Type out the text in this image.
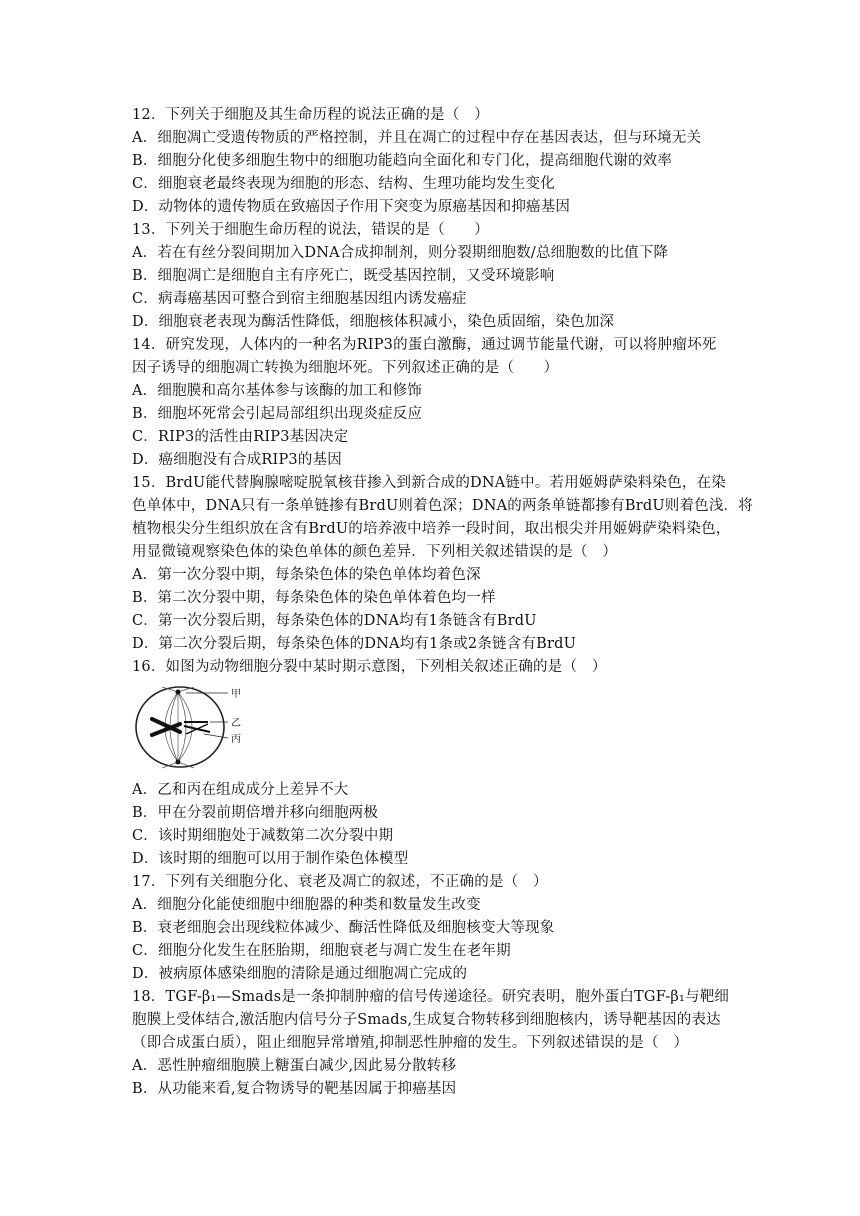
12．下列关于细胞及其生命历程的说法正确的是（　）
A．细胞凋亡受遗传物质的严格控制，并且在凋亡的过程中存在基因表达，但与环境无关
B．细胞分化使多细胞生物中的细胞功能趋向全面化和专门化，提高细胞代谢的效率
C．细胞衰老最终表现为细胞的形态、结构、生理功能均发生变化
D．动物体的遗传物质在致癌因子作用下突变为原癌基因和抑癌基因
13．下列关于细胞生命历程的说法，错误的是（　　）
A．若在有丝分裂间期加入DNA合成抑制剂，则分裂期细胞数/总细胞数的比值下降
B．细胞凋亡是细胞自主有序死亡，既受基因控制，又受环境影响
C．病毒癌基因可整合到宿主细胞基因组内诱发癌症
D．细胞衰老表现为酶活性降低，细胞核体积减小，染色质固缩，染色加深
14．研究发现，人体内的一种名为RIP3的蛋白激酶，通过调节能量代谢，可以将肿瘤坏死
因子诱导的细胞凋亡转换为细胞坏死。下列叙述正确的是（　　）
A．细胞膜和高尔基体参与该酶的加工和修饰
B．细胞坏死常会引起局部组织出现炎症反应
C．RIP3的活性由RIP3基因决定
D．癌细胞没有合成RIP3的基因
15．BrdU能代替胸腺嘧啶脱氧核苷掺入到新合成的DNA链中。若用姬姆萨染料染色，在染
色单体中，DNA只有一条单链掺有BrdU则着色深；DNA的两条单链都掺有BrdU则着色浅．将
植物根尖分生组织放在含有BrdU的培养液中培养一段时间，取出根尖并用姬姆萨染料染色，
用显微镜观察染色体的染色单体的颜色差异．下列相关叙述错误的是（　）
A．第一次分裂中期，每条染色体的染色单体均着色深
B．第二次分裂中期，每条染色体的染色单体着色均一样
C．第一次分裂后期，每条染色体的DNA均有1条链含有BrdU
D．第二次分裂后期，每条染色体的DNA均有1条或2条链含有BrdU
16．如图为动物细胞分裂中某时期示意图，下列相关叙述正确的是（　）
甲
乙
丙
A．乙和丙在组成成分上差异不大
B．甲在分裂前期倍增并移向细胞两极
C．该时期细胞处于减数第二次分裂中期
D．该时期的细胞可以用于制作染色体模型
17．下列有关细胞分化、衰老及凋亡的叙述，不正确的是（　）
A．细胞分化能使细胞中细胞器的种类和数量发生改变
B．衰老细胞会出现线粒体减少、酶活性降低及细胞核变大等现象
C．细胞分化发生在胚胎期，细胞衰老与凋亡发生在老年期
D．被病原体感染细胞的清除是通过细胞凋亡完成的
18．TGF-β₁—Smads是一条抑制肿瘤的信号传递途径。研究表明，胞外蛋白TGF-β₁与靶细
胞膜上受体结合,激活胞内信号分子Smads,生成复合物转移到细胞核内，诱导靶基因的表达
（即合成蛋白质），阻止细胞异常增殖,抑制恶性肿瘤的发生。下列叙述错误的是（　）
A．恶性肿瘤细胞膜上糖蛋白减少,因此易分散转移
B．从功能来看,复合物诱导的靶基因属于抑癌基因
